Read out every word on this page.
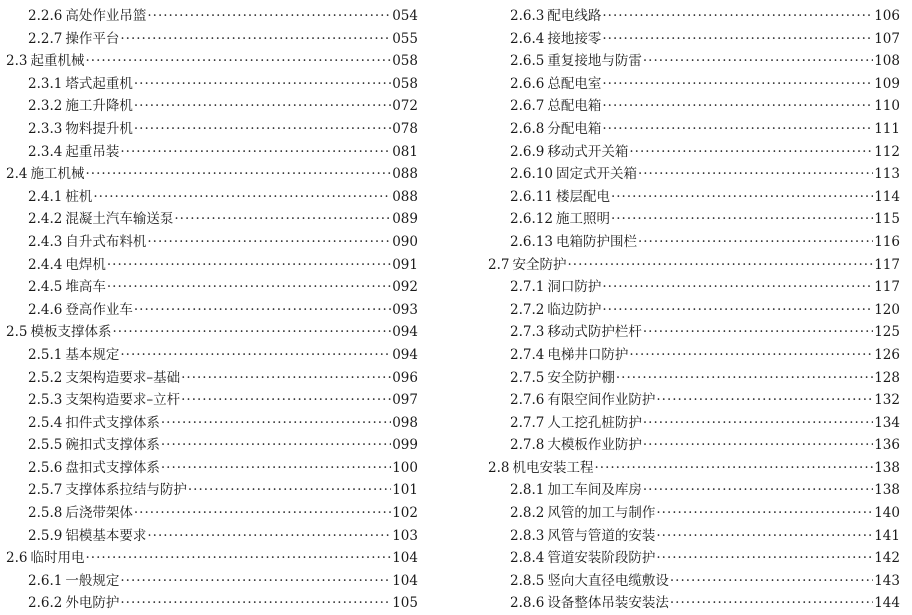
2.2.6 高处作业吊篮 ·····	054
2.2.7 操作平台 ·····	055
2.3 起重机械 ·····	058
2.3.1 塔式起重机 ·····	058
2.3.2 施工升降机 ·····	072
2.3.3 物料提升机 ·····	078
2.3.4 起重吊装 ·····	081
2.4 施工机械 ·····	088
2.4.1 桩机 ·····	088
2.4.2 混凝土汽车输送泵 ·····	089
2.4.3 自升式布料机 ·····	090
2.4.4 电焊机 ·····	091
2.4.5 堆高车 ·····	092
2.4.6 登高作业车 ·····	093
2.5 模板支撑体系 ·····	094
2.5.1 基本规定 ·····	094
2.5.2 支架构造要求–基础 ·····	096
2.5.3 支架构造要求–立杆 ·····	097
2.5.4 扣件式支撑体系 ·····	098
2.5.5 碗扣式支撑体系 ·····	099
2.5.6 盘扣式支撑体系 ·····	100
2.5.7 支撑体系拉结与防护 ·····	101
2.5.8 后浇带架体 ·····	102
2.5.9 铝模基本要求 ·····	103
2.6 临时用电 ·····	104
2.6.1 一般规定 ·····	104
2.6.2 外电防护 ·····	105
2.6.3 配电线路 ·····	106
2.6.4 接地接零 ·····	107
2.6.5 重复接地与防雷 ·····	108
2.6.6 总配电室 ·····	109
2.6.7 总配电箱 ·····	110
2.6.8 分配电箱 ·····	111
2.6.9 移动式开关箱 ·····	112
2.6.10 固定式开关箱 ·····	113
2.6.11 楼层配电 ·····	114
2.6.12 施工照明 ·····	115
2.6.13 电箱防护围栏 ·····	116
2.7 安全防护 ·····	117
2.7.1 洞口防护 ·····	117
2.7.2 临边防护 ·····	120
2.7.3 移动式防护栏杆 ·····	125
2.7.4 电梯井口防护 ·····	126
2.7.5 安全防护棚 ·····	128
2.7.6 有限空间作业防护 ·····	132
2.7.7 人工挖孔桩防护 ·····	134
2.7.8 大模板作业防护 ·····	136
2.8 机电安装工程 ·····	138
2.8.1 加工车间及库房 ·····	138
2.8.2 风管的加工与制作 ·····	140
2.8.3 风管与管道的安装 ·····	141
2.8.4 管道安装阶段防护 ·····	142
2.8.5 竖向大直径电缆敷设 ·····	143
2.8.6 设备整体吊装安装法 ·····	144
